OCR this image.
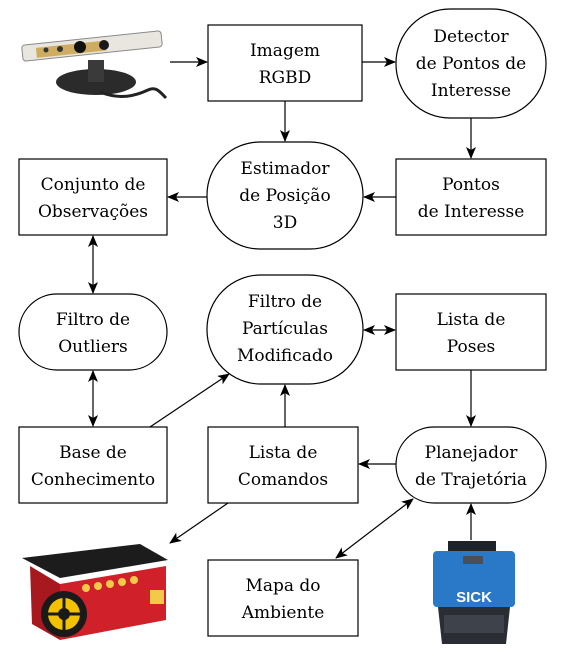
Imagem
RGBD
Detector
de Pontos de
Interesse
Estimador
de Posição
3D
Pontos
de Interesse
Conjunto de
Observações
Filtro de
Outliers
Filtro de
Partículas
Modificado
Lista de
Poses
Base de
Conhecimento
Lista de
Comandos
Planejador
de Trajetória
Mapa do
Ambiente
SICK
